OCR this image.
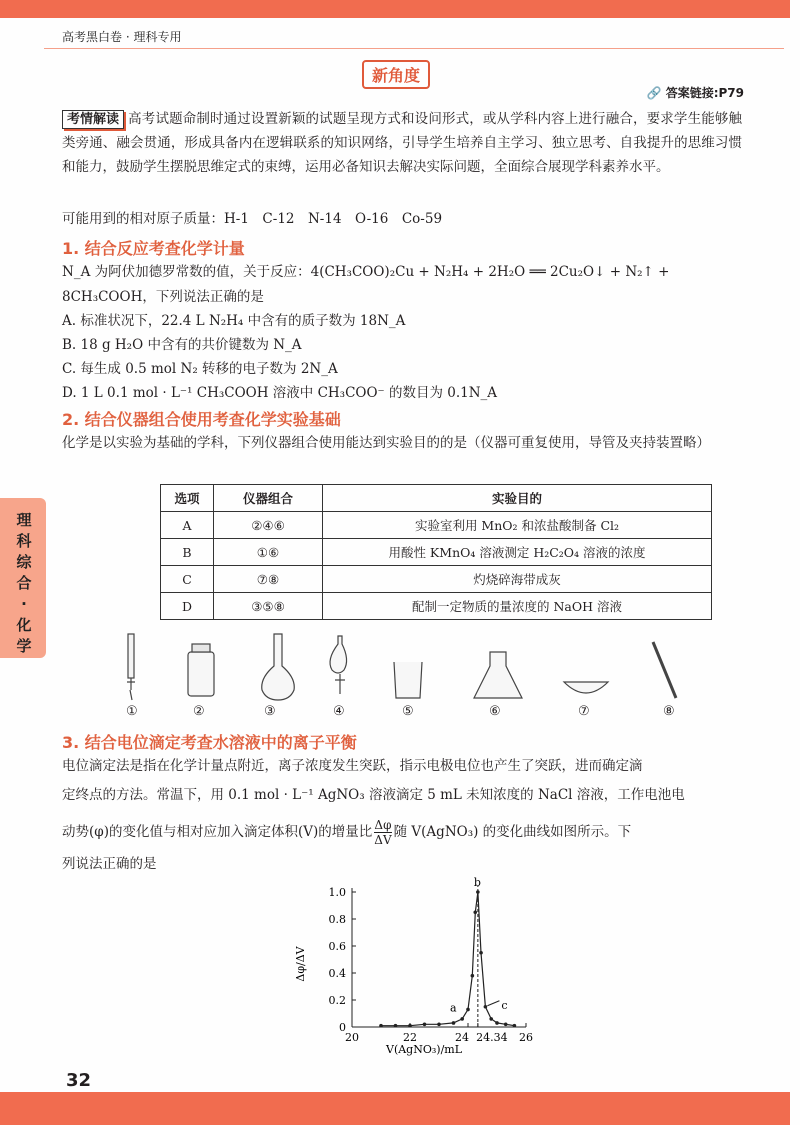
高考黑白卷 · 理科专用
新角度
🔗 答案链接:P79
考情解读 高考试题命制时通过设置新颖的试题呈现方式和设问形式，或从学科内容上进行融合，要求学生能够触类旁通、融会贯通，形成具备内在逻辑联系的知识网络，引导学生培养自主学习、独立思考、自我提升的思维习惯和能力，鼓励学生摆脱思维定式的束缚，运用必备知识去解决实际问题，全面综合展现学科素养水平。
可能用到的相对原子质量：H-1　C-12　N-14　O-16　Co-59
理
科
综
合
·
化
学
1. 结合反应考查化学计量
N_A 为阿伏加德罗常数的值，关于反应：4(CH₃COO)₂Cu + N₂H₄ + 2H₂O ══ 2Cu₂O↓ + N₂↑ +
8CH₃COOH，下列说法正确的是
A. 标准状况下，22.4 L N₂H₄ 中含有的质子数为 18N_A
B. 18 g H₂O 中含有的共价键数为 N_A
C. 每生成 0.5 mol N₂ 转移的电子数为 2N_A
D. 1 L 0.1 mol · L⁻¹ CH₃COOH 溶液中 CH₃COO⁻ 的数目为 0.1N_A
2. 结合仪器组合使用考查化学实验基础
化学是以实验为基础的学科，下列仪器组合使用能达到实验目的的是（仪器可重复使用，导管及夹持装置略）
选项	仪器组合	实验目的
A	②④⑥	实验室利用 MnO₂ 和浓盐酸制备 Cl₂
B	①⑥	用酸性 KMnO₄ 溶液测定 H₂C₂O₄ 溶液的浓度
C	⑦⑧	灼烧碎海带成灰
D	③⑤⑧	配制一定物质的量浓度的 NaOH 溶液
①	②	③	④	⑤	⑥	⑦	⑧
3. 结合电位滴定考查水溶液中的离子平衡
电位滴定法是指在化学计量点附近，离子浓度发生突跃，指示电极电位也产生了突跃，进而确定滴
定终点的方法。常温下，用 0.1 mol · L⁻¹ AgNO₃ 溶液滴定 5 mL 未知浓度的 NaCl 溶液，工作电池电
动势(φ)的变化值与相对应加入滴定体积(V)的增量比 $\frac{\Delta\varphi}{\Delta V}$ 随 V(AgNO₃) 的变化曲线如图所示。下
列说法正确的是
0
0.2
0.4
0.6
0.8
1.0
20	22	24 24.34 26
a
b
c
V(AgNO₃)/mL
Δφ/ΔV
32
